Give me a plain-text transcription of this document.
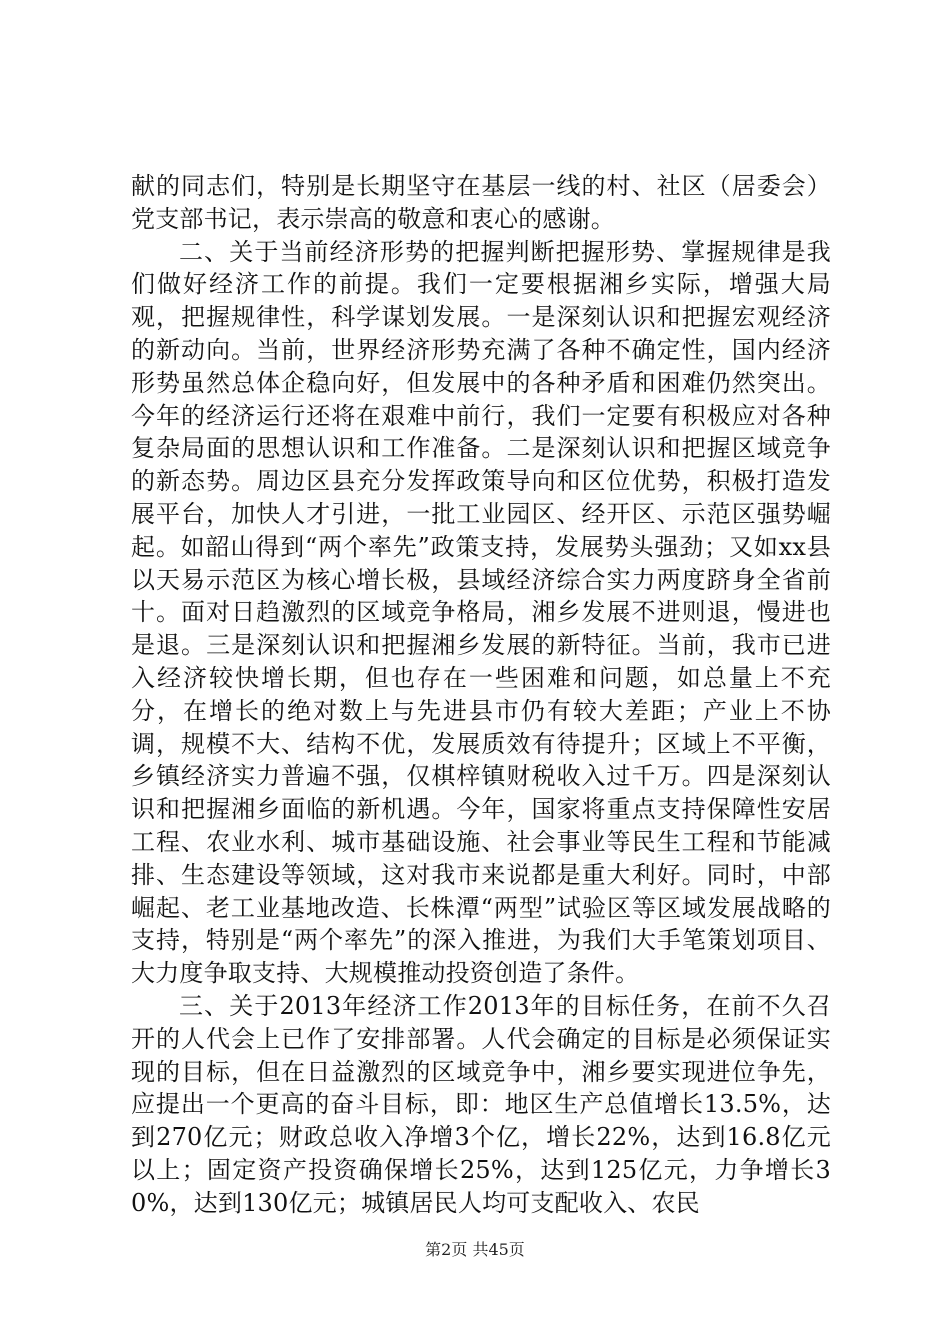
献的同志们，特别是长期坚守在基层一线的村、社区（居委会）党支部书记，表示崇高的敬意和衷心的感谢。

二、关于当前经济形势的把握判断把握形势、掌握规律是我们做好经济工作的前提。我们一定要根据湘乡实际，增强大局观，把握规律性，科学谋划发展。一是深刻认识和把握宏观经济的新动向。当前，世界经济形势充满了各种不确定性，国内经济形势虽然总体企稳向好，但发展中的各种矛盾和困难仍然突出。今年的经济运行还将在艰难中前行，我们一定要有积极应对各种复杂局面的思想认识和工作准备。二是深刻认识和把握区域竞争的新态势。周边区县充分发挥政策导向和区位优势，积极打造发展平台，加快人才引进，一批工业园区、经开区、示范区强势崛起。如韶山得到“两个率先”政策支持，发展势头强劲；又如xx县以天易示范区为核心增长极，县域经济综合实力两度跻身全省前十。面对日趋激烈的区域竞争格局，湘乡发展不进则退，慢进也是退。三是深刻认识和把握湘乡发展的新特征。当前，我市已进入经济较快增长期，但也存在一些困难和问题，如总量上不充分，在增长的绝对数上与先进县市仍有较大差距；产业上不协调，规模不大、结构不优，发展质效有待提升；区域上不平衡，乡镇经济实力普遍不强，仅棋梓镇财税收入过千万。四是深刻认识和把握湘乡面临的新机遇。今年，国家将重点支持保障性安居工程、农业水利、城市基础设施、社会事业等民生工程和节能减排、生态建设等领域，这对我市来说都是重大利好。同时，中部崛起、老工业基地改造、长株潭“两型”试验区等区域发展战略的支持，特别是“两个率先”的深入推进，为我们大手笔策划项目、大力度争取支持、大规模推动投资创造了条件。

三、关于2013年经济工作2013年的目标任务，在前不久召开的人代会上已作了安排部署。人代会确定的目标是必须保证实现的目标，但在日益激烈的区域竞争中，湘乡要实现进位争先，应提出一个更高的奋斗目标，即：地区生产总值增长13.5%，达到270亿元；财政总收入净增3个亿，增长22%，达到16.8亿元以上；固定资产投资确保增长25%，达到125亿元，力争增长30%，达到130亿元；城镇居民人均可支配收入、农民

第2页 共45页
